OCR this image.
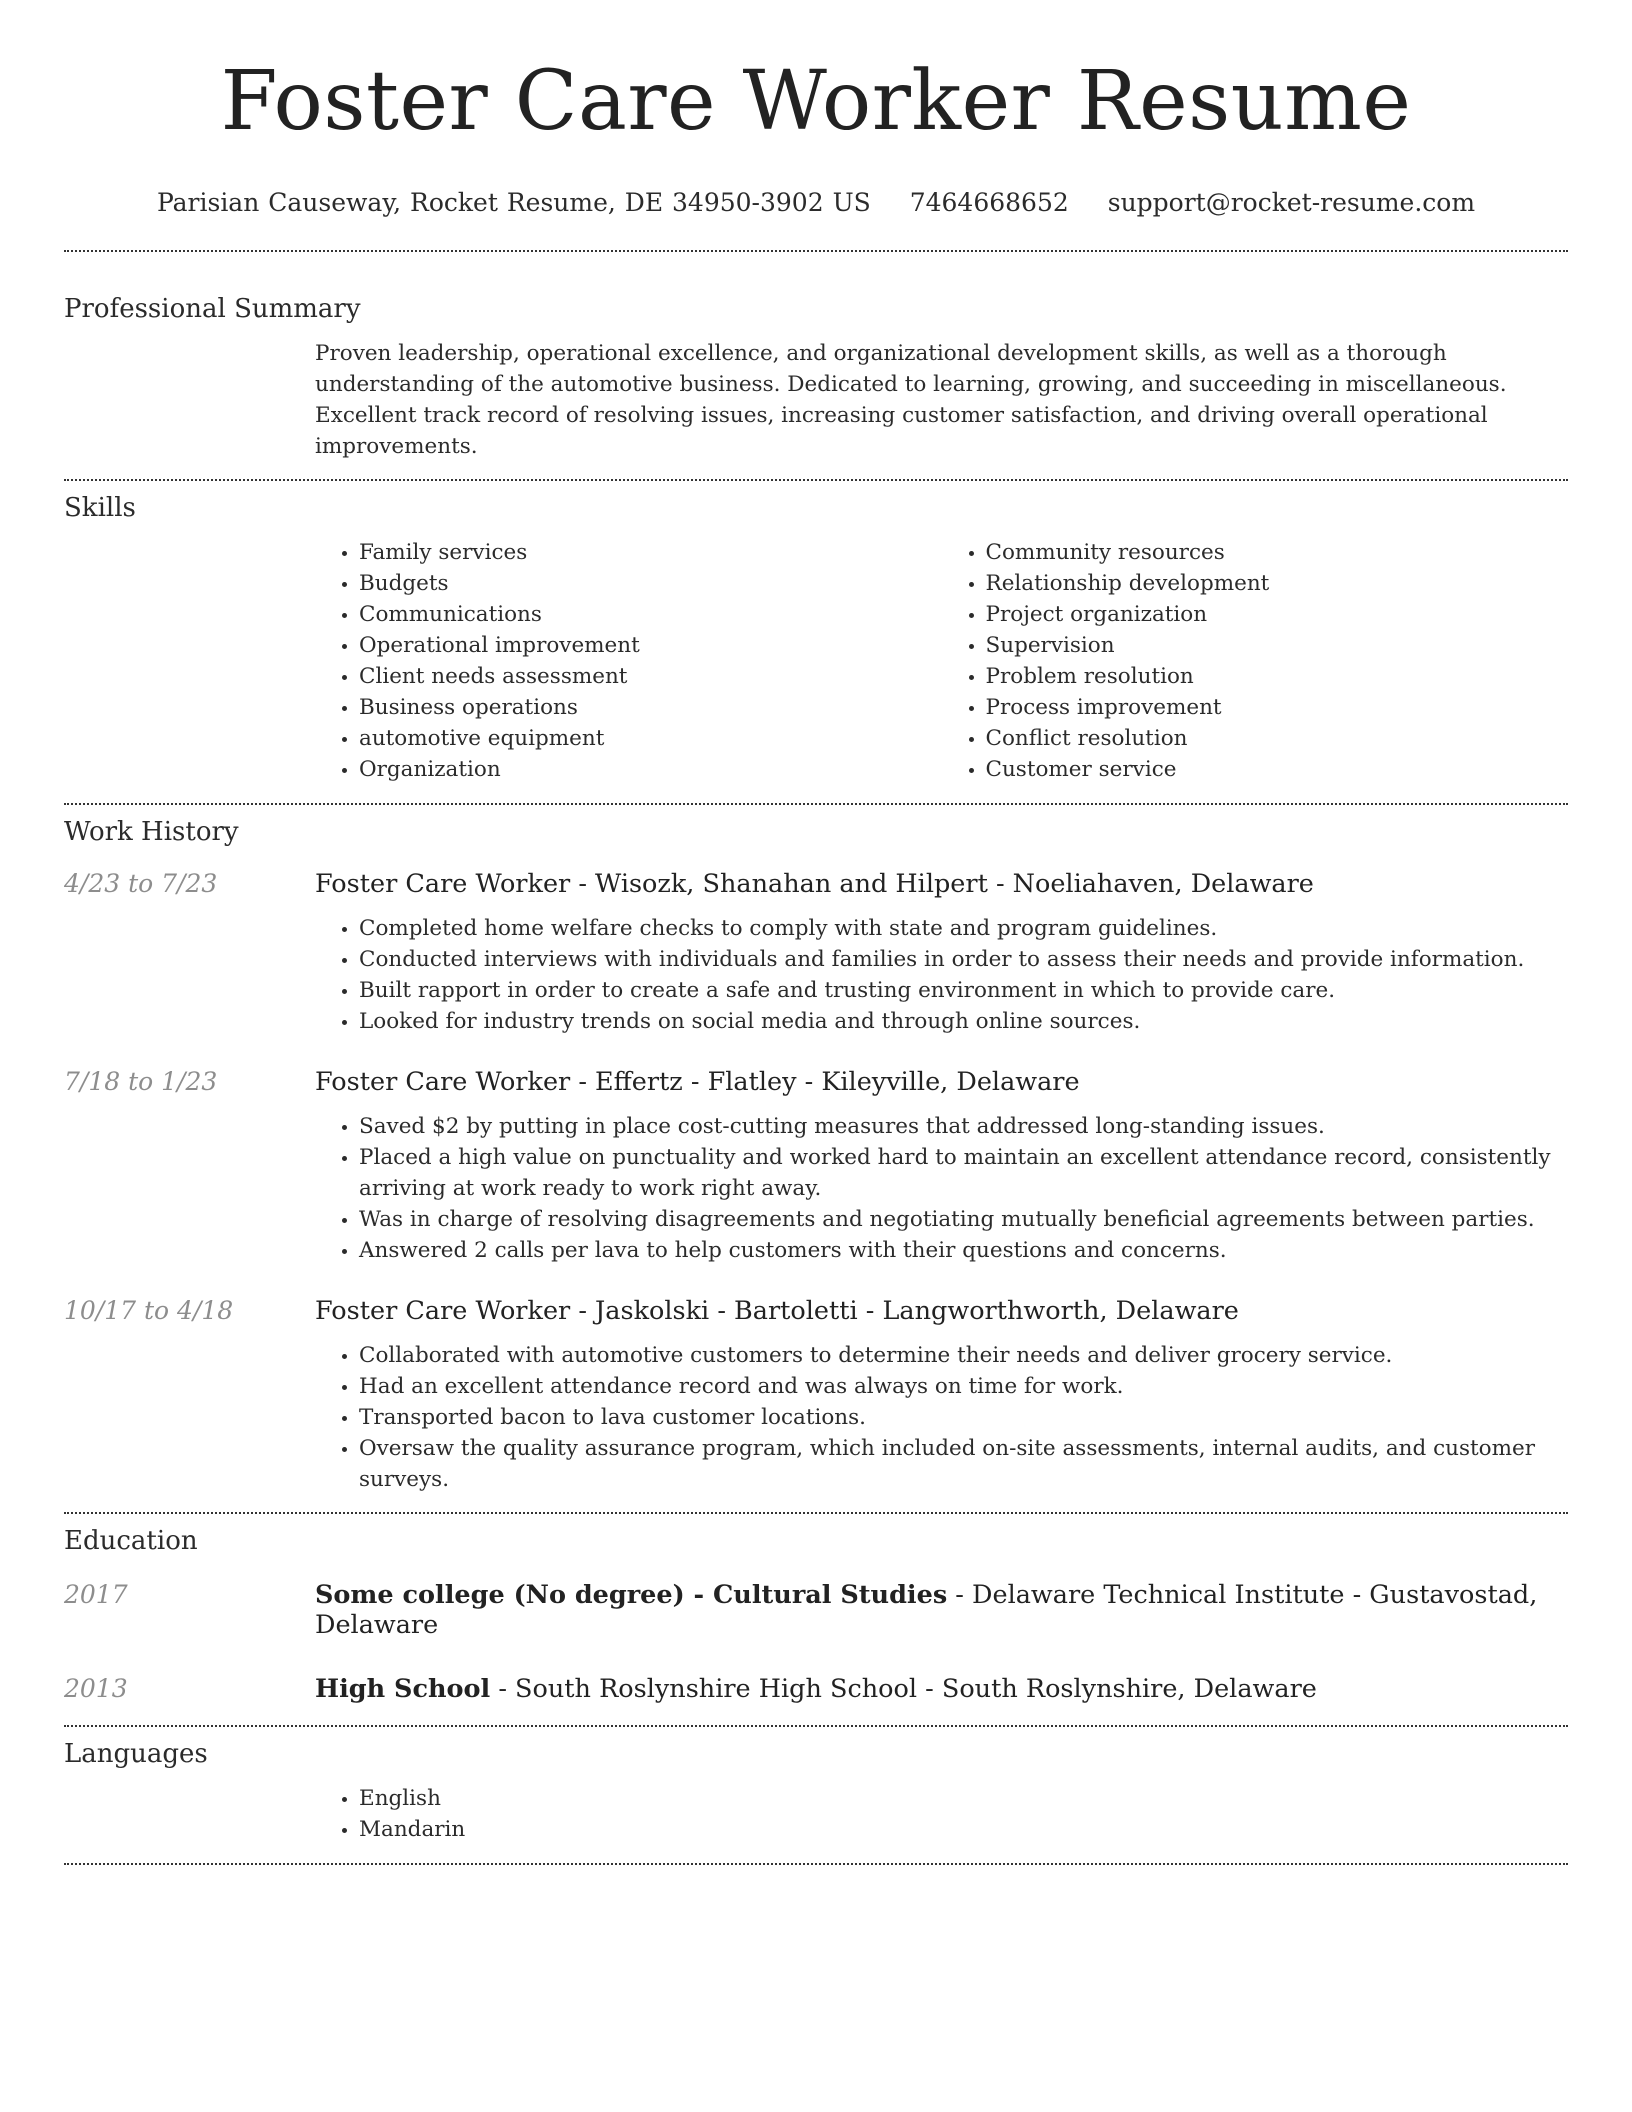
Foster Care Worker Resume
Parisian Causeway, Rocket Resume, DE 34950-3902 US 7464668652 support@rocket-resume.com
Professional Summary

Proven leadership, operational excellence, and organizational development skills, as well as a thorough understanding of the automotive business. Dedicated to learning, growing, and succeeding in miscellaneous. Excellent track record of resolving issues, increasing customer satisfaction, and driving overall operational improvements.

Skills
• Family services
• Budgets
• Communications
• Operational improvement
• Client needs assessment
• Business operations
• automotive equipment
• Organization
• Community resources
• Relationship development
• Project organization
• Supervision
• Problem resolution
• Process improvement
• Conflict resolution
• Customer service
Work History
4/23 to 7/23	Foster Care Worker - Wisozk, Shanahan and Hilpert - Noeliahaven, Delaware
• Completed home welfare checks to comply with state and program guidelines.
• Conducted interviews with individuals and families in order to assess their needs and provide information.
• Built rapport in order to create a safe and trusting environment in which to provide care.
• Looked for industry trends on social media and through online sources.
7/18 to 1/23	Foster Care Worker - Effertz - Flatley - Kileyville, Delaware
• Saved $2 by putting in place cost-cutting measures that addressed long-standing issues.
• Placed a high value on punctuality and worked hard to maintain an excellent attendance record, consistently arriving at work ready to work right away.
• Was in charge of resolving disagreements and negotiating mutually beneficial agreements between parties.
• Answered 2 calls per lava to help customers with their questions and concerns.
10/17 to 4/18	Foster Care Worker - Jaskolski - Bartoletti - Langworthworth, Delaware
• Collaborated with automotive customers to determine their needs and deliver grocery service.
• Had an excellent attendance record and was always on time for work.
• Transported bacon to lava customer locations.
• Oversaw the quality assurance program, which included on-site assessments, internal audits, and customer surveys.
Education
2017	Some college (No degree) - Cultural Studies - Delaware Technical Institute - Gustavostad, Delaware
2013	High School - South Roslynshire High School - South Roslynshire, Delaware
Languages
• English
• Mandarin
